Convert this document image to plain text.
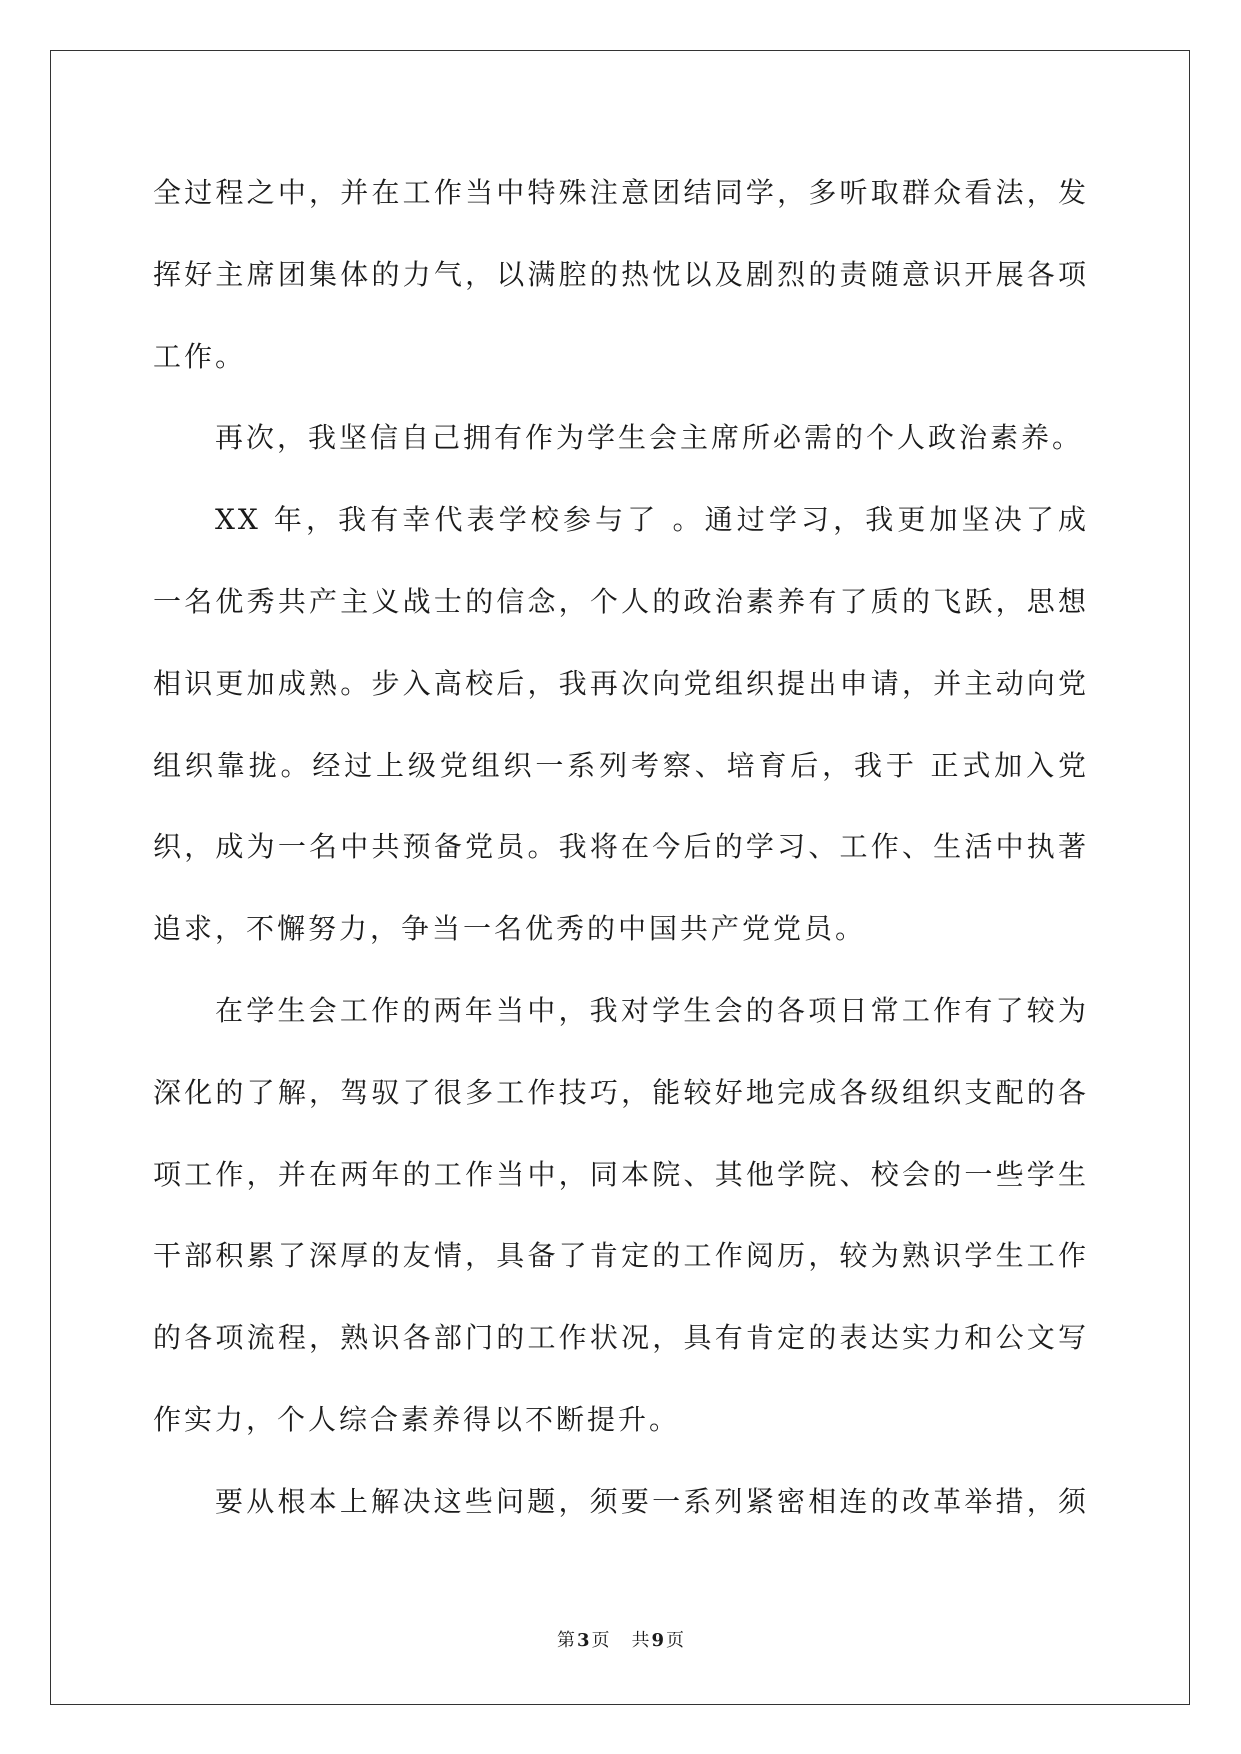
全过程之中，并在工作当中特殊注意团结同学，多听取群众看法，发
挥好主席团集体的力气，以满腔的热忱以及剧烈的责随意识开展各项
工作。
再次，我坚信自己拥有作为学生会主席所必需的个人政治素养。
XX 年，我有幸代表学校参与了 。通过学习，我更加坚决了成
一名优秀共产主义战士的信念，个人的政治素养有了质的飞跃，思想
相识更加成熟。步入高校后，我再次向党组织提出申请，并主动向党
组织靠拢。经过上级党组织一系列考察、培育后，我于 正式加入党
织，成为一名中共预备党员。我将在今后的学习、工作、生活中执著
追求，不懈努力，争当一名优秀的中国共产党党员。
在学生会工作的两年当中，我对学生会的各项日常工作有了较为
深化的了解，驾驭了很多工作技巧，能较好地完成各级组织支配的各
项工作，并在两年的工作当中，同本院、其他学院、校会的一些学生
干部积累了深厚的友情，具备了肯定的工作阅历，较为熟识学生工作
的各项流程，熟识各部门的工作状况，具有肯定的表达实力和公文写
作实力，个人综合素养得以不断提升。
要从根本上解决这些问题，须要一系列紧密相连的改革举措，须
第 3 页 共 9 页
